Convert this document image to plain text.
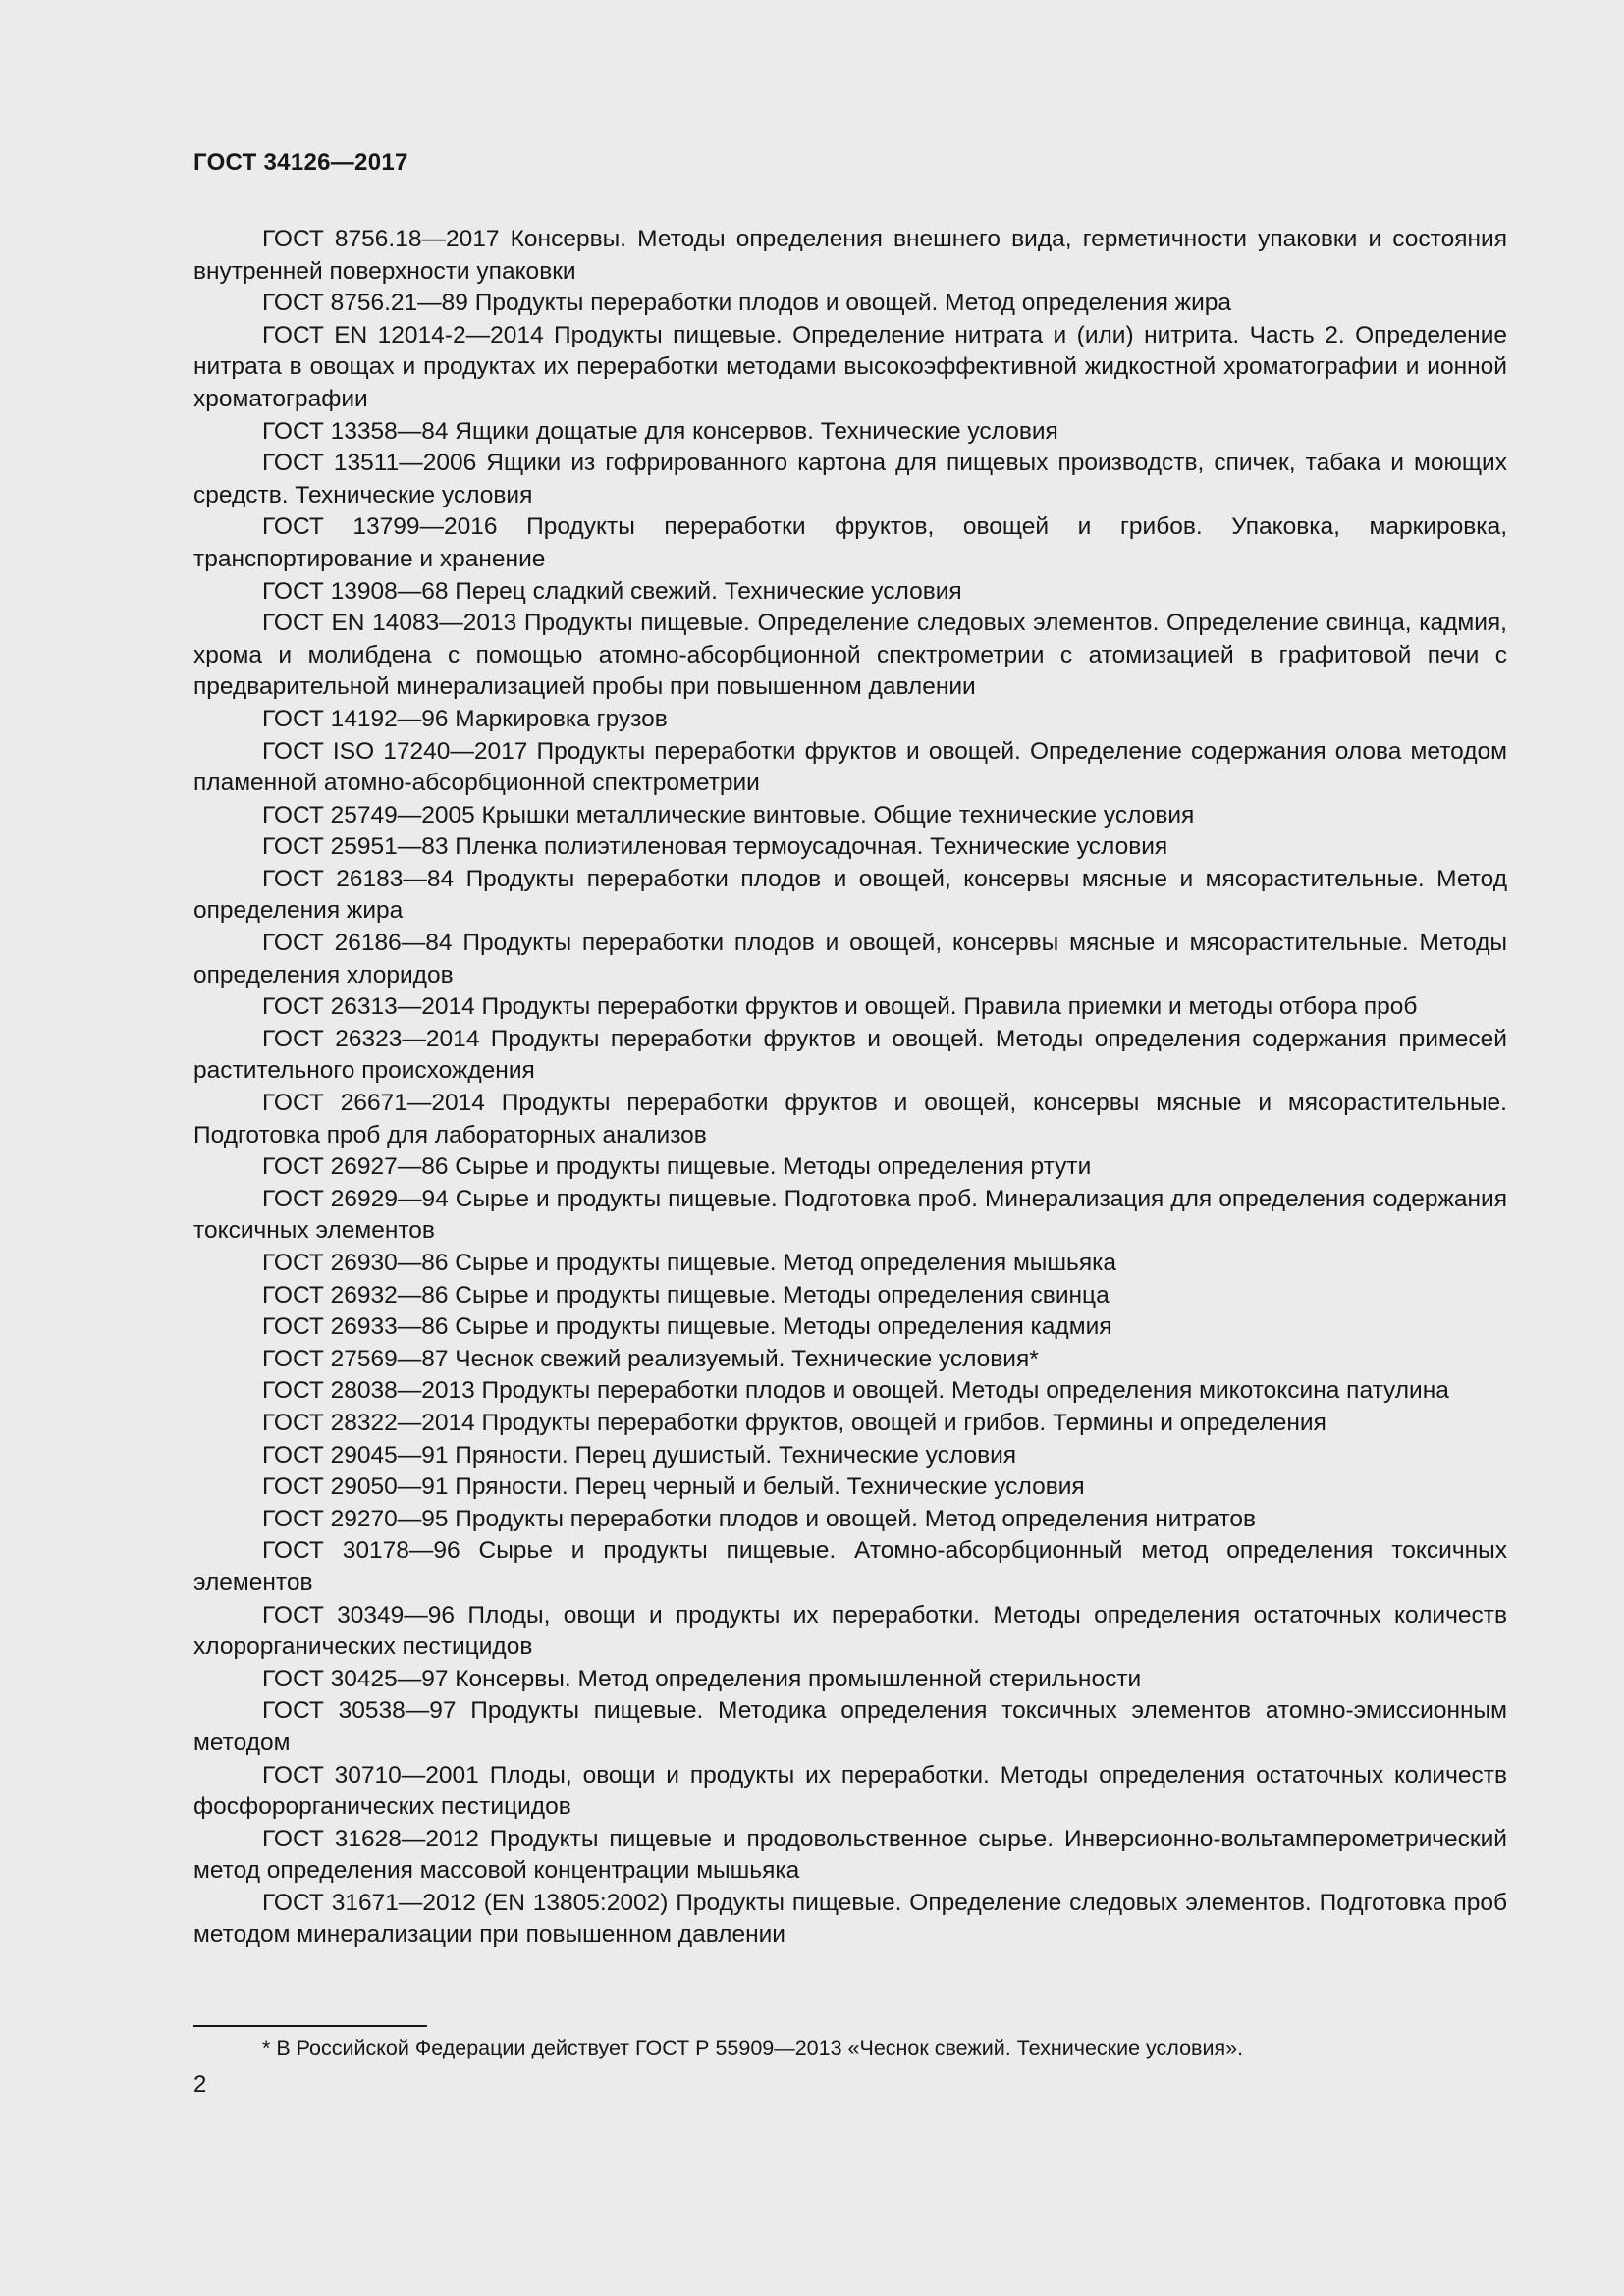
ГОСТ 34126—2017

ГОСТ 8756.18—2017 Консервы. Методы определения внешнего вида, герметичности упаковки и состояния внутренней поверхности упаковки

ГОСТ 8756.21—89 Продукты переработки плодов и овощей. Метод определения жира

ГОСТ EN 12014-2—2014 Продукты пищевые. Определение нитрата и (или) нитрита. Часть 2. Определение нитрата в овощах и продуктах их переработки методами высокоэффективной жидкостной хроматографии и ионной хроматографии

ГОСТ 13358—84 Ящики дощатые для консервов. Технические условия

ГОСТ 13511—2006 Ящики из гофрированного картона для пищевых производств, спичек, табака и моющих средств. Технические условия

ГОСТ 13799—2016 Продукты переработки фруктов, овощей и грибов. Упаковка, маркировка, транспортирование и хранение

ГОСТ 13908—68 Перец сладкий свежий. Технические условия

ГОСТ EN 14083—2013 Продукты пищевые. Определение следовых элементов. Определение свинца, кадмия, хрома и молибдена с помощью атомно-абсорбционной спектрометрии с атомизацией в графитовой печи с предварительной минерализацией пробы при повышенном давлении

ГОСТ 14192—96 Маркировка грузов

ГОСТ ISO 17240—2017 Продукты переработки фруктов и овощей. Определение содержания олова методом пламенной атомно-абсорбционной спектрометрии

ГОСТ 25749—2005 Крышки металлические винтовые. Общие технические условия

ГОСТ 25951—83 Пленка полиэтиленовая термоусадочная. Технические условия

ГОСТ 26183—84 Продукты переработки плодов и овощей, консервы мясные и мясорастительные. Метод определения жира

ГОСТ 26186—84 Продукты переработки плодов и овощей, консервы мясные и мясорастительные. Методы определения хлоридов

ГОСТ 26313—2014 Продукты переработки фруктов и овощей. Правила приемки и методы отбора проб

ГОСТ 26323—2014 Продукты переработки фруктов и овощей. Методы определения содержания примесей растительного происхождения

ГОСТ 26671—2014 Продукты переработки фруктов и овощей, консервы мясные и мясорастительные. Подготовка проб для лабораторных анализов

ГОСТ 26927—86 Сырье и продукты пищевые. Методы определения ртути

ГОСТ 26929—94 Сырье и продукты пищевые. Подготовка проб. Минерализация для определения содержания токсичных элементов

ГОСТ 26930—86 Сырье и продукты пищевые. Метод определения мышьяка

ГОСТ 26932—86 Сырье и продукты пищевые. Методы определения свинца

ГОСТ 26933—86 Сырье и продукты пищевые. Методы определения кадмия

ГОСТ 27569—87 Чеснок свежий реализуемый. Технические условия*

ГОСТ 28038—2013 Продукты переработки плодов и овощей. Методы определения микотоксина патулина

ГОСТ 28322—2014 Продукты переработки фруктов, овощей и грибов. Термины и определения

ГОСТ 29045—91 Пряности. Перец душистый. Технические условия

ГОСТ 29050—91 Пряности. Перец черный и белый. Технические условия

ГОСТ 29270—95 Продукты переработки плодов и овощей. Метод определения нитратов

ГОСТ 30178—96 Сырье и продукты пищевые. Атомно-абсорбционный метод определения токсичных элементов

ГОСТ 30349—96 Плоды, овощи и продукты их переработки. Методы определения остаточных количеств хлорорганических пестицидов

ГОСТ 30425—97 Консервы. Метод определения промышленной стерильности

ГОСТ 30538—97 Продукты пищевые. Методика определения токсичных элементов атомно-эмиссионным методом

ГОСТ 30710—2001 Плоды, овощи и продукты их переработки. Методы определения остаточных количеств фосфорорганических пестицидов

ГОСТ 31628—2012 Продукты пищевые и продовольственное сырье. Инверсионно-вольтамперометрический метод определения массовой концентрации мышьяка

ГОСТ 31671—2012 (EN 13805:2002) Продукты пищевые. Определение следовых элементов. Подготовка проб методом минерализации при повышенном давлении

* В Российской Федерации действует ГОСТ Р 55909—2013 «Чеснок свежий. Технические условия».
2
